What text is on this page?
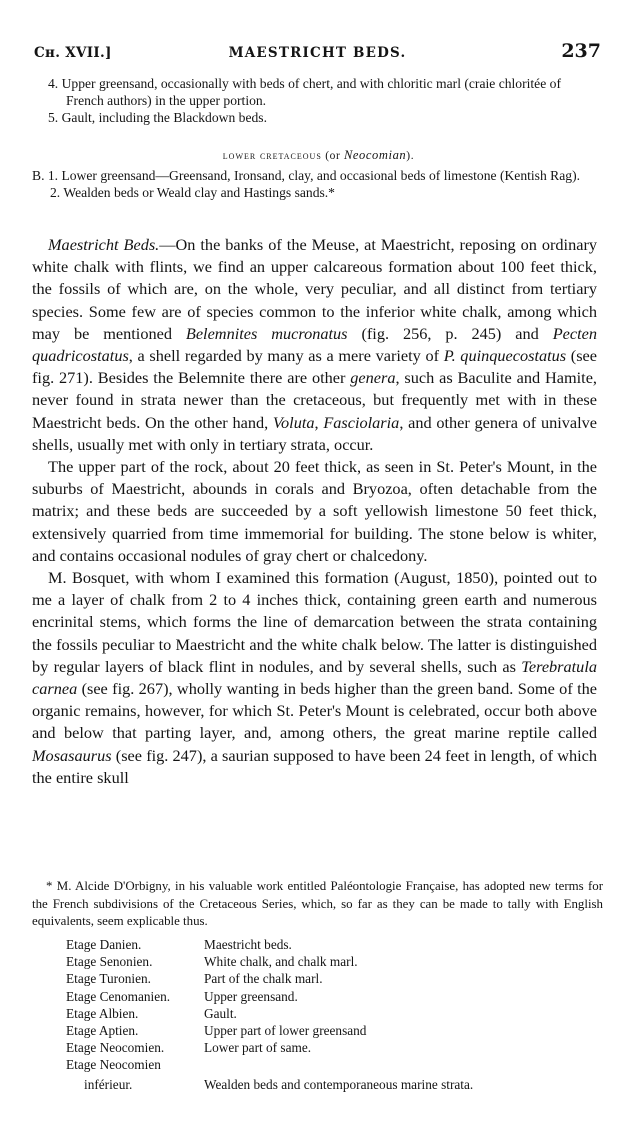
Cн. XVII.]	MAESTRICHT BEDS.	237

4. Upper greensand, occasionally with beds of chert, and with chloritic marl (craie chloritée of French authors) in the upper portion.

5. Gault, including the Blackdown beds.

lower cretaceous (or Neocomian).

B. 1. Lower greensand—Greensand, Ironsand, clay, and occasional beds of limestone (Kentish Rag).

2. Wealden beds or Weald clay and Hastings sands.*

Maestricht Beds.—On the banks of the Meuse, at Maestricht, reposing on ordinary white chalk with flints, we find an upper calcareous formation about 100 feet thick, the fossils of which are, on the whole, very peculiar, and all distinct from tertiary species. Some few are of species common to the inferior white chalk, among which may be mentioned Belemnites mucronatus (fig. 256, p. 245) and Pecten quadricostatus, a shell regarded by many as a mere variety of P. quinquecostatus (see fig. 271). Besides the Belemnite there are other genera, such as Baculite and Hamite, never found in strata newer than the cretaceous, but frequently met with in these Maestricht beds. On the other hand, Voluta, Fasciolaria, and other genera of univalve shells, usually met with only in tertiary strata, occur.

The upper part of the rock, about 20 feet thick, as seen in St. Peter's Mount, in the suburbs of Maestricht, abounds in corals and Bryozoa, often detachable from the matrix; and these beds are succeeded by a soft yellowish limestone 50 feet thick, extensively quarried from time immemorial for building. The stone below is whiter, and contains occasional nodules of gray chert or chalcedony.

M. Bosquet, with whom I examined this formation (August, 1850), pointed out to me a layer of chalk from 2 to 4 inches thick, containing green earth and numerous encrinital stems, which forms the line of demarcation between the strata containing the fossils peculiar to Maestricht and the white chalk below. The latter is distinguished by regular layers of black flint in nodules, and by several shells, such as Terebratula carnea (see fig. 267), wholly wanting in beds higher than the green band. Some of the organic remains, however, for which St. Peter's Mount is celebrated, occur both above and below that parting layer, and, among others, the great marine reptile called Mosasaurus (see fig. 247), a saurian supposed to have been 24 feet in length, of which the entire skull

* M. Alcide D'Orbigny, in his valuable work entitled Paléontologie Française, has adopted new terms for the French subdivisions of the Cretaceous Series, which, so far as they can be made to tally with English equivalents, seem explicable thus.

Etage Danien.	Maestricht beds.
Etage Senonien.	White chalk, and chalk marl.
Etage Turonien.	Part of the chalk marl.
Etage Cenomanien.	Upper greensand.
Etage Albien.	Gault.
Etage Aptien.	Upper part of lower greensand
Etage Neocomien.	Lower part of same.
Etage Neocomien	
inférieur.	Wealden beds and contemporaneous marine strata.
